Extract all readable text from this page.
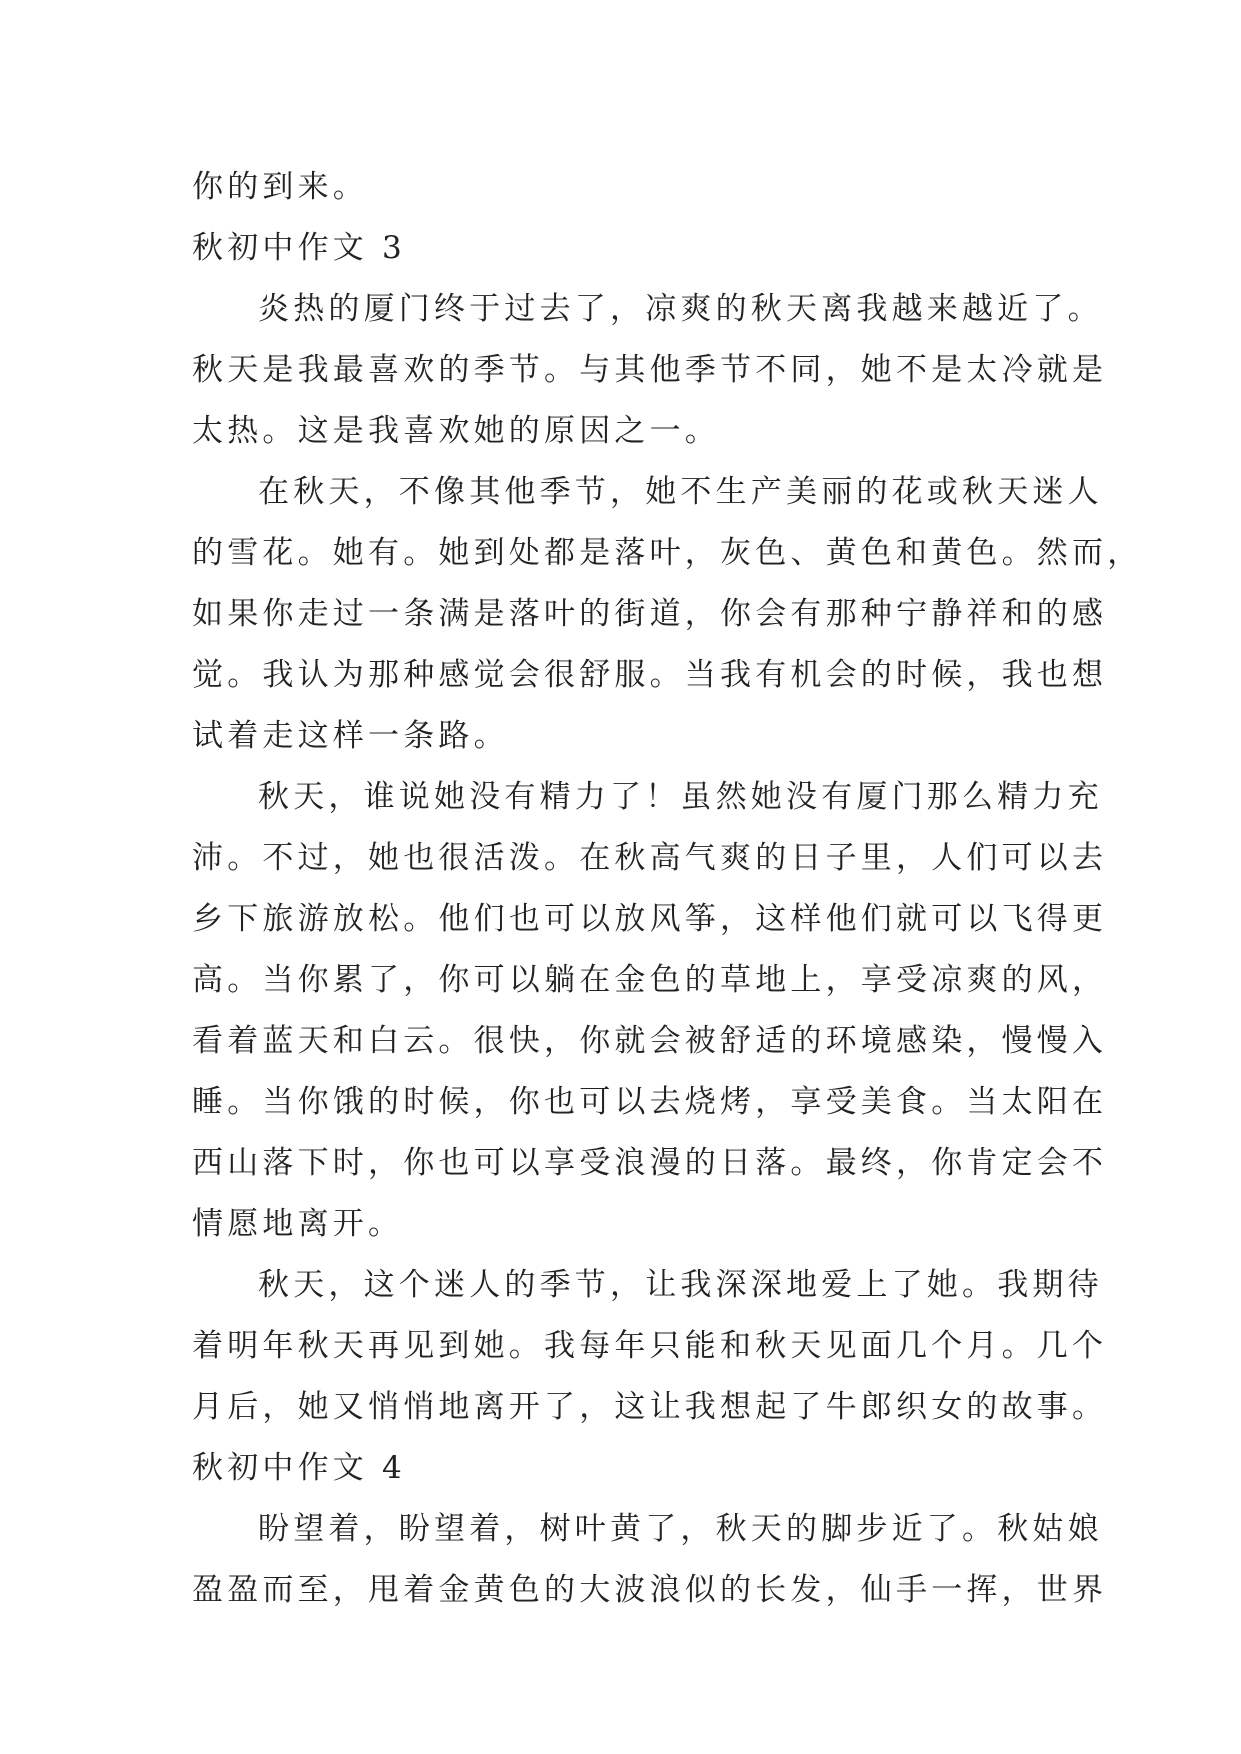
你的到来。
秋初中作文 3
炎热的厦门终于过去了，凉爽的秋天离我越来越近了。
秋天是我最喜欢的季节。与其他季节不同，她不是太冷就是
太热。这是我喜欢她的原因之一。
在秋天，不像其他季节，她不生产美丽的花或秋天迷人
的雪花。她有。她到处都是落叶，灰色、黄色和黄色。然而，
如果你走过一条满是落叶的街道，你会有那种宁静祥和的感
觉。我认为那种感觉会很舒服。当我有机会的时候，我也想
试着走这样一条路。
秋天，谁说她没有精力了！虽然她没有厦门那么精力充
沛。不过，她也很活泼。在秋高气爽的日子里，人们可以去
乡下旅游放松。他们也可以放风筝，这样他们就可以飞得更
高。当你累了，你可以躺在金色的草地上，享受凉爽的风，
看着蓝天和白云。很快，你就会被舒适的环境感染，慢慢入
睡。当你饿的时候，你也可以去烧烤，享受美食。当太阳在
西山落下时，你也可以享受浪漫的日落。最终，你肯定会不
情愿地离开。
秋天，这个迷人的季节，让我深深地爱上了她。我期待
着明年秋天再见到她。我每年只能和秋天见面几个月。几个
月后，她又悄悄地离开了，这让我想起了牛郎织女的故事。
秋初中作文 4
盼望着，盼望着，树叶黄了，秋天的脚步近了。秋姑娘
盈盈而至，甩着金黄色的大波浪似的长发，仙手一挥，世界
